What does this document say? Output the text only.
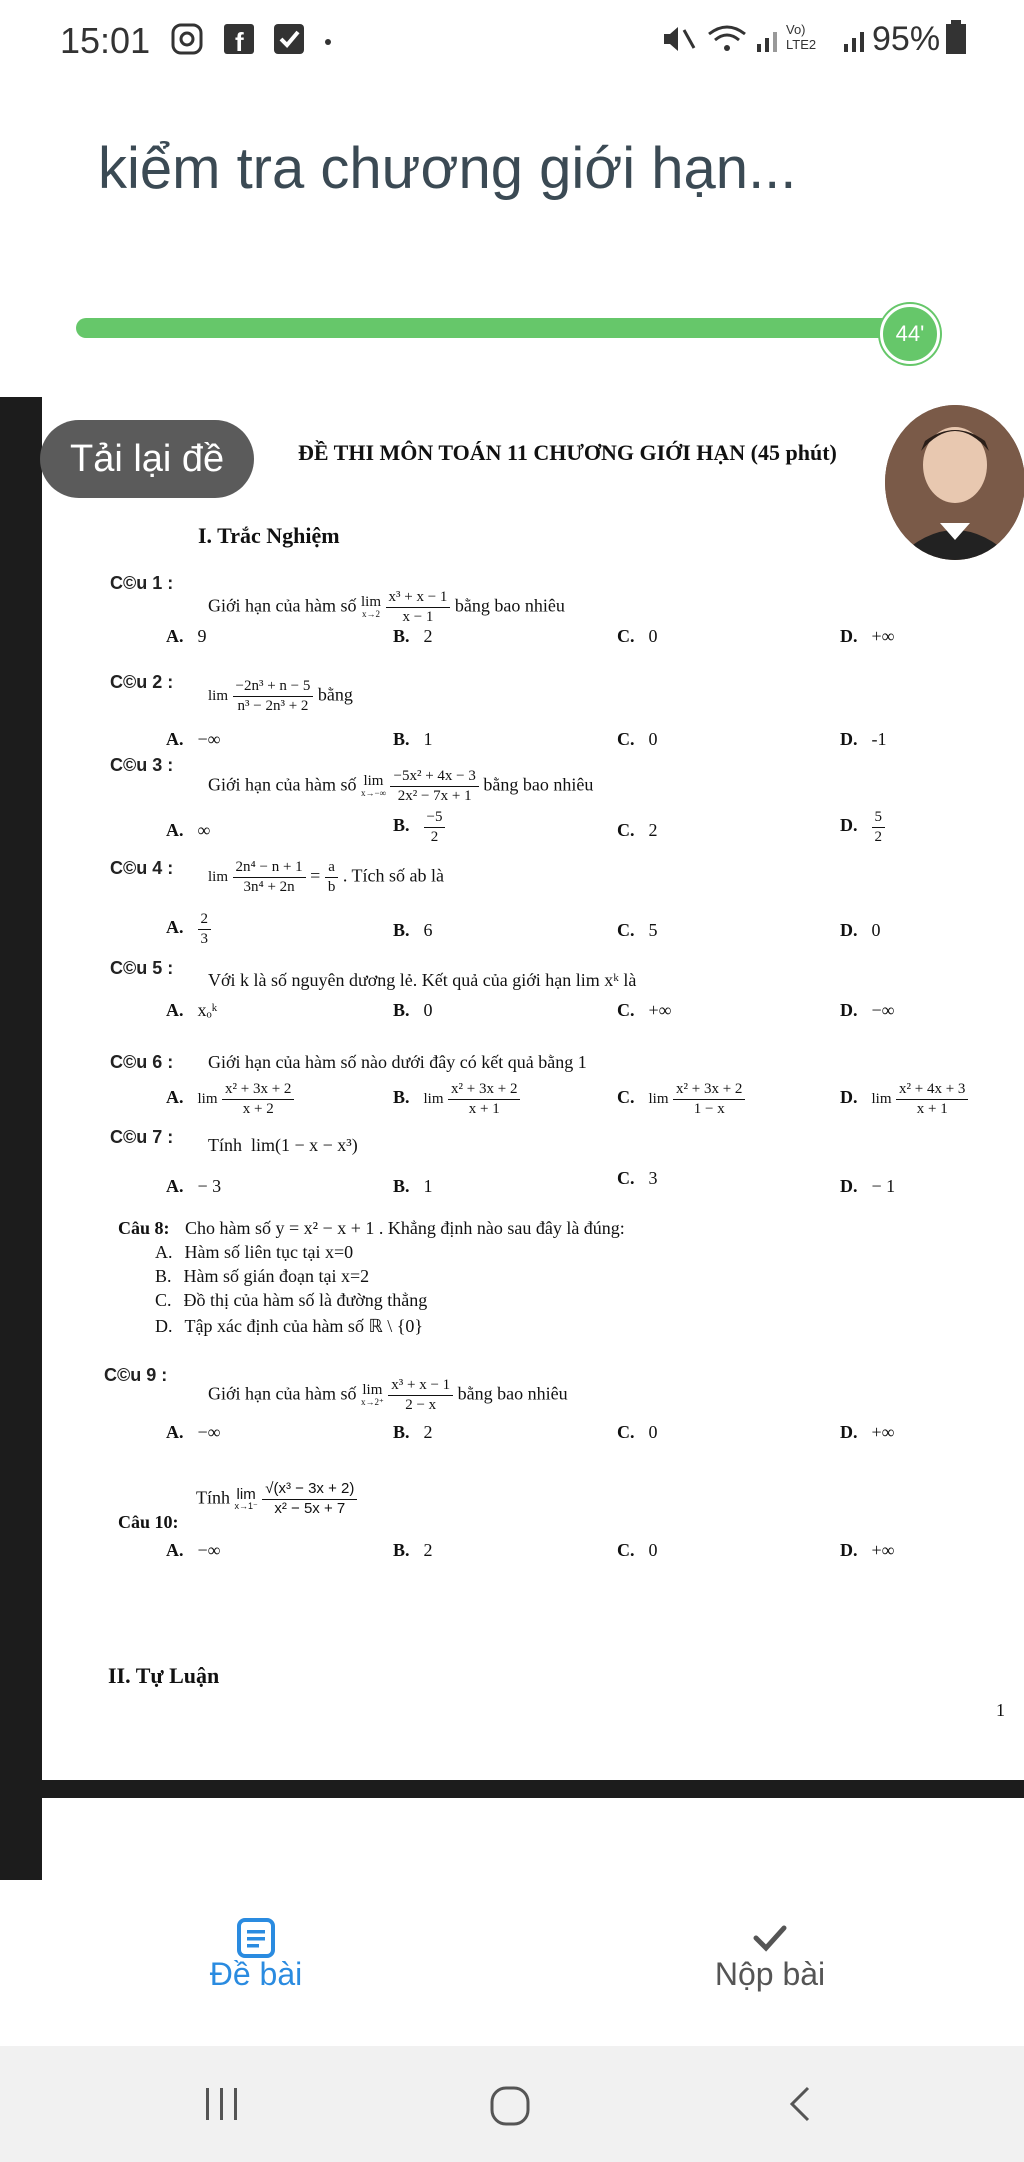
15:01	f	Vo) LTE2	95%
kiểm tra chương giới hạn...
44'
ĐỀ THI MÔN TOÁN 11 CHƯƠNG GIỚI HẠN (45 phút)
Tải lại đề
I. Trắc Nghiệm
C©u 1 :
Giới hạn của hàm số lim
x→2
$\frac{\text{x³ + x − 1}}{x - 1}$ bằng bao nhiêu
A. 9	B. 2	C. 0	D. +∞
C©u 2 :
$\lim \frac{\text{−2n³ + n − 5}}{\text{n³ − 2n³ + 2}}$ bằng
A. −∞	B. 1	C. 0	D. -1
C©u 3 :
Giới hạn của hàm số lim
x→−∞
$\frac{\text{−5x² + 4x − 3}}{\text{2x² − 7x + 1}}$ bằng bao nhiêu
A. ∞	B. $\frac{-5}{2}$	C. 2	D. $\frac{5}{2}$
C©u 4 : $\lim \frac{\text{2n⁴ − n + 1}}{\text{3n⁴ + 2n}} = \frac{a}{b}$ . Tích số ab là
A. $\frac{2}{3}$	B. 6	C. 5	D. 0
C©u 5 :
Với k là số nguyên dương lẻ. Kết quả của giới hạn lim xᵏ là
A. xₒᵏ	B. 0	C. +∞	D. −∞
C©u 6 : Giới hạn của hàm số nào dưới đây có kết quả bằng 1
A. $\lim \frac{\text{x² + 3x + 2}}{x + 2}$	B. $\lim \frac{\text{x² + 3x + 2}}{x + 1}$	C. $\lim \frac{\text{x² + 3x + 2}}{1 - x}$	D. $\lim \frac{\text{x² + 4x + 3}}{x + 1}$
C©u 7 : Tính lim(1 − x − x³)
A. − 3	B. 1	C. 3	D. − 1
Câu 8: Cho hàm số y = x² − x + 1 . Khẳng định nào sau đây là đúng:
A. Hàm số liên tục tại x=0
B. Hàm số gián đoạn tại x=2
C. Đồ thị của hàm số là đường thẳng
D. Tập xác định của hàm số ℝ \ {0}
C©u 9 :
Giới hạn của hàm số lim
x→2⁺
$\frac{\text{x³ + x − 1}}{2 - x}$ bằng bao nhiêu
A. −∞	B. 2	C. 0	D. +∞
Câu 10:
Tính lim
x→1⁻
$\frac{\text{√(x³ − 3x + 2)}}{\text{x² − 5x + 7}}$
A. −∞	B. 2	C. 0	D. +∞
II. Tự Luận
1
Đề bài	Nộp bài
